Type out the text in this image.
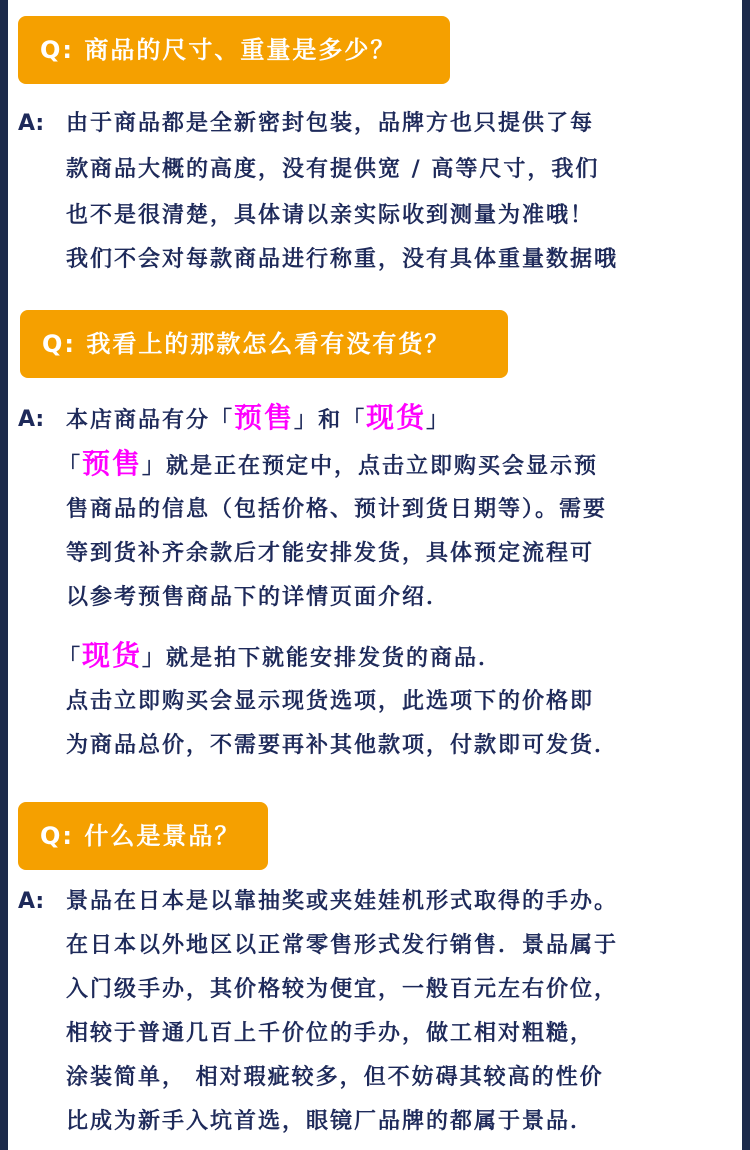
Q: 商品的尺寸、重量是多少？
A: 由于商品都是全新密封包装，品牌方也只提供了每
款商品大概的高度，没有提供宽 / 高等尺寸，我们
也不是很清楚，具体请以亲实际收到测量为准哦！
我们不会对每款商品进行称重，没有具体重量数据哦
Q: 我看上的那款怎么看有没有货？
A: 本店商品有分「预售」和「现货」
「预售」就是正在预定中，点击立即购买会显示预
售商品的信息（包括价格、预计到货日期等）。需要
等到货补齐余款后才能安排发货，具体预定流程可
以参考预售商品下的详情页面介绍．
「现货」就是拍下就能安排发货的商品．
点击立即购买会显示现货选项，此选项下的价格即
为商品总价，不需要再补其他款项，付款即可发货．
Q: 什么是景品？
A: 景品在日本是以靠抽奖或夹娃娃机形式取得的手办。
在日本以外地区以正常零售形式发行销售．景品属于
入门级手办，其价格较为便宜，一般百元左右价位，
相较于普通几百上千价位的手办，做工相对粗糙，
涂装简单， 相对瑕疵较多，但不妨碍其较高的性价
比成为新手入坑首选，眼镜厂品牌的都属于景品．
